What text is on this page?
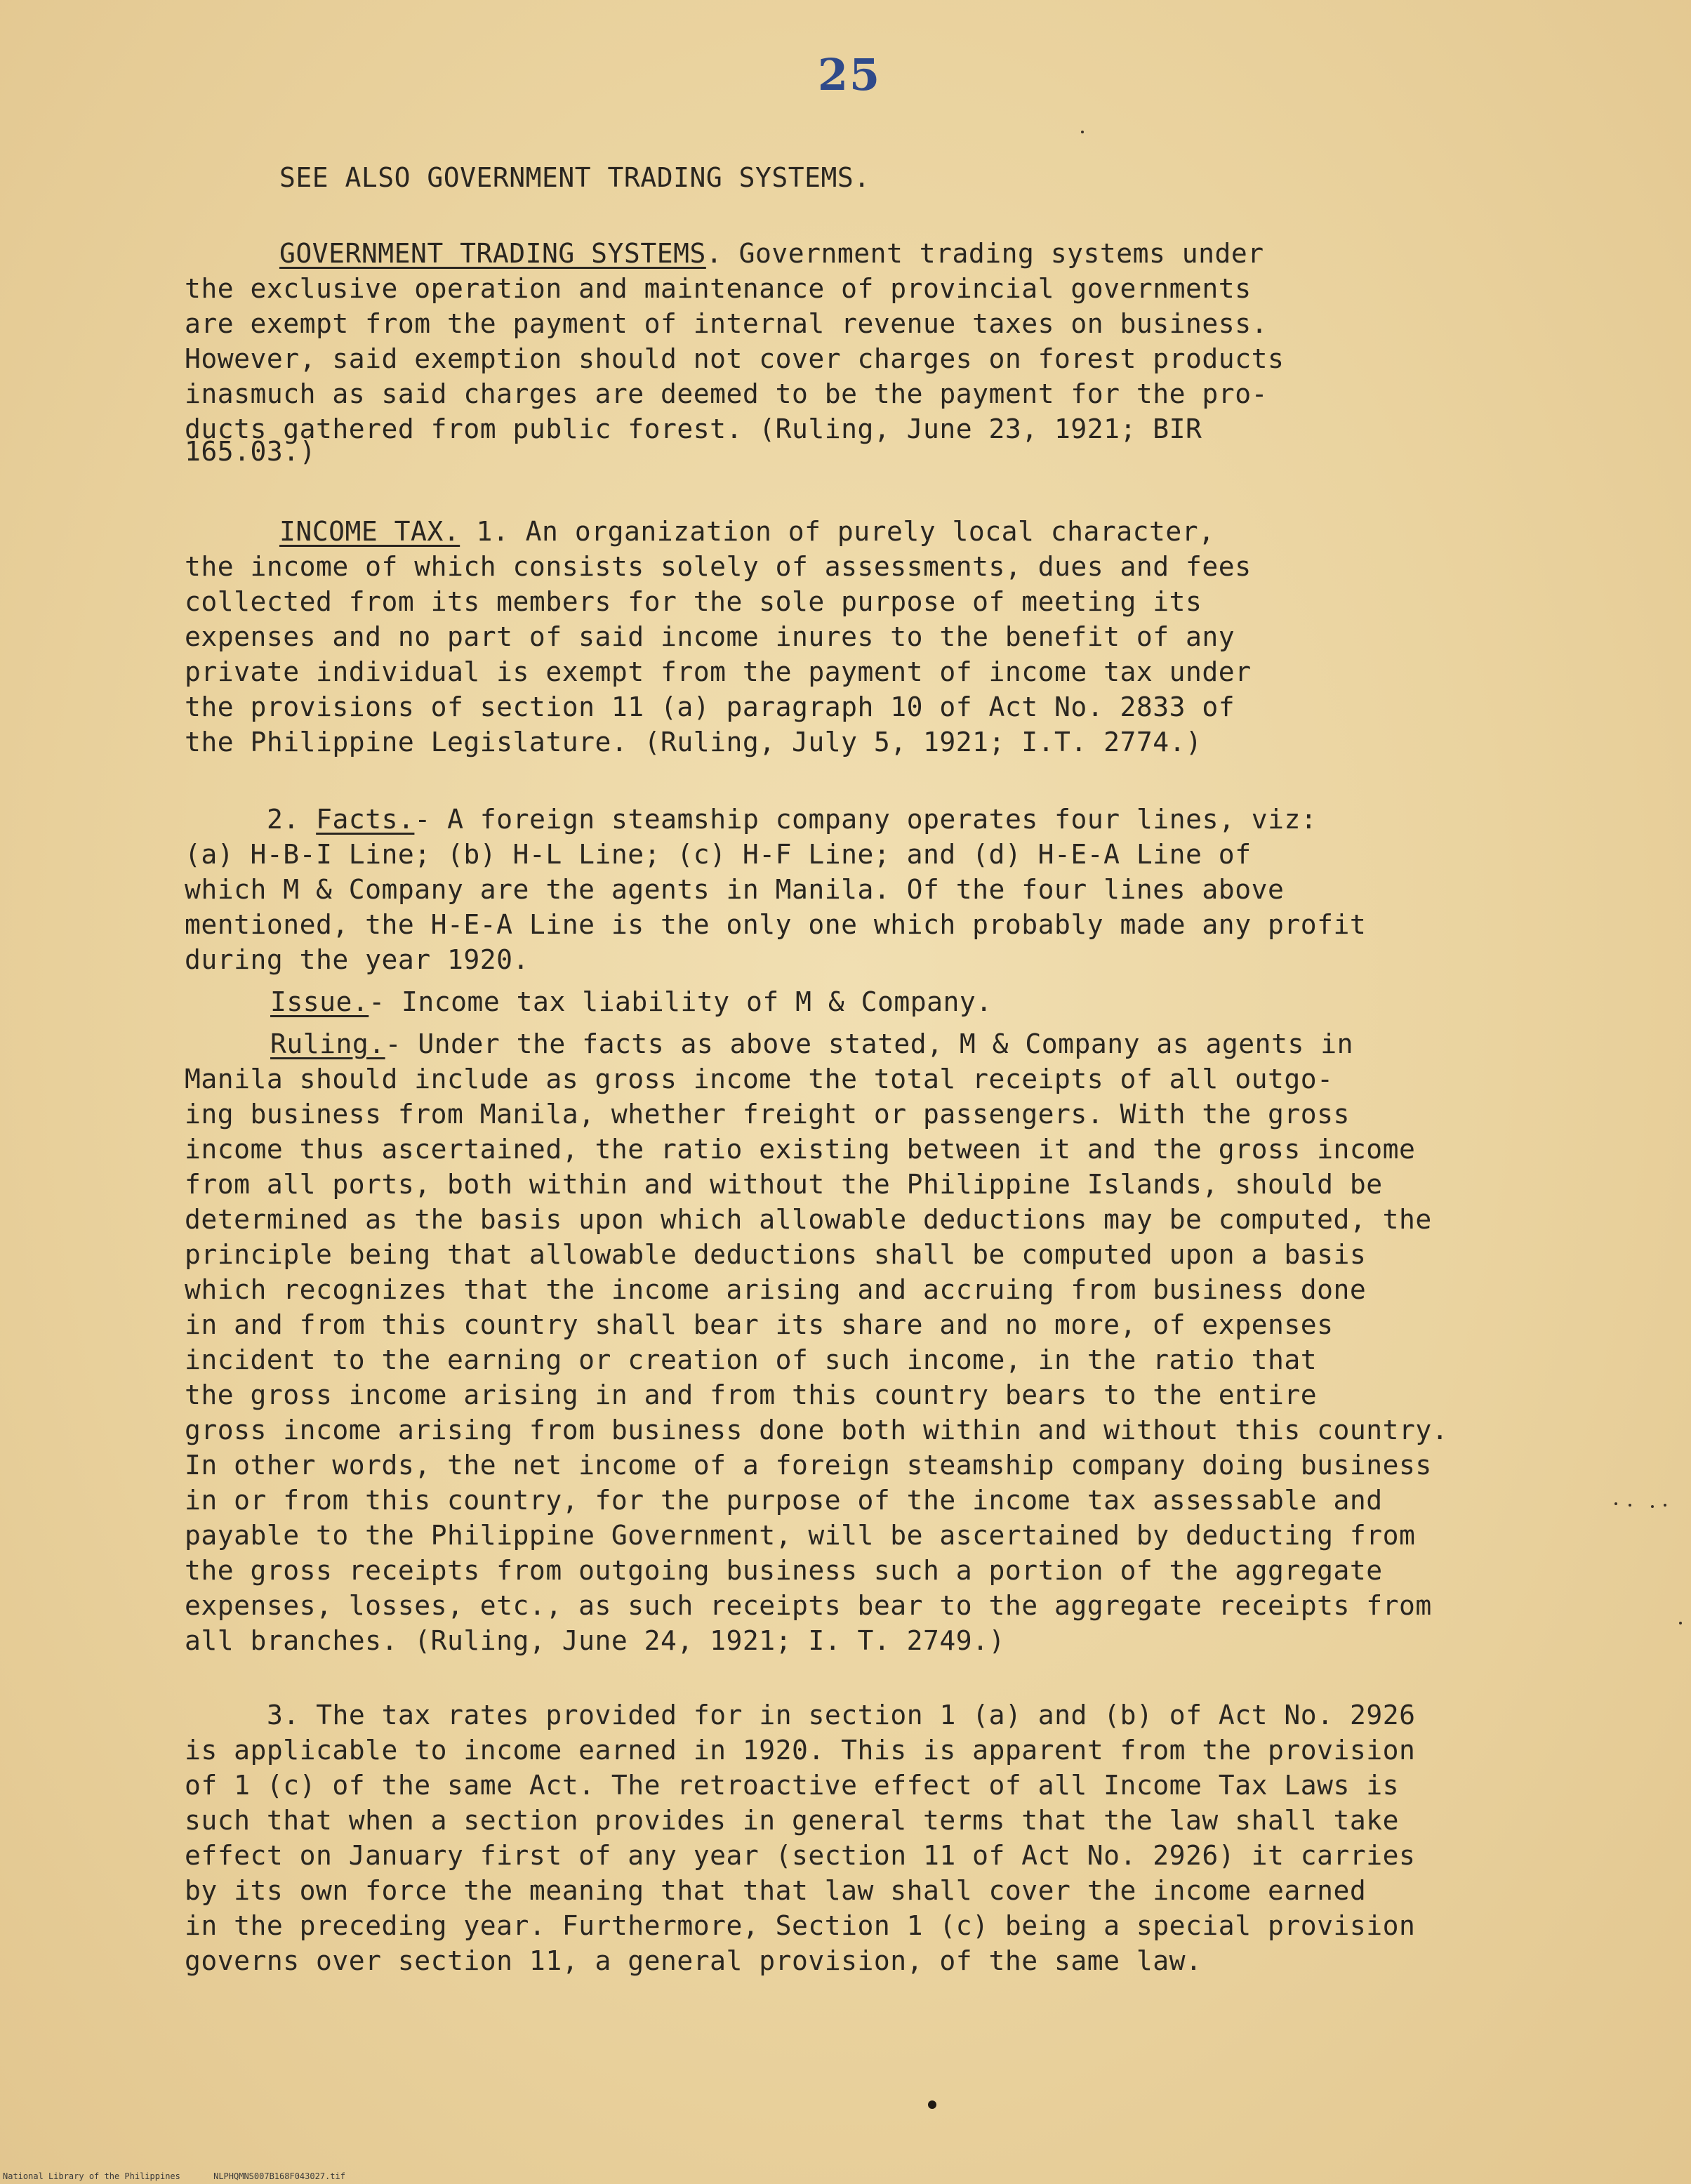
25
SEE ALSO GOVERNMENT TRADING SYSTEMS.
GOVERNMENT TRADING SYSTEMS. Government trading systems under
the exclusive operation and maintenance of provincial governments
are exempt from the payment of internal revenue taxes on business.
However, said exemption should not cover charges on forest products
inasmuch as said charges are deemed to be the payment for the pro-
ducts gathered from public forest. (Ruling, June 23, 1921; BIR
165.03.)
INCOME TAX. 1. An organization of purely local character,
the income of which consists solely of assessments, dues and fees
collected from its members for the sole purpose of meeting its
expenses and no part of said income inures to the benefit of any
private individual is exempt from the payment of income tax under
the provisions of section 11 (a) paragraph 10 of Act No. 2833 of
the Philippine Legislature. (Ruling, July 5, 1921; I.T. 2774.)
2. Facts.- A foreign steamship company operates four lines, viz:
(a) H-B-I Line; (b) H-L Line; (c) H-F Line; and (d) H-E-A Line of
which M & Company are the agents in Manila. Of the four lines above
mentioned, the H-E-A Line is the only one which probably made any profit
during the year 1920.
Issue.- Income tax liability of M & Company.
Ruling.- Under the facts as above stated, M & Company as agents in
Manila should include as gross income the total receipts of all outgo-
ing business from Manila, whether freight or passengers. With the gross
income thus ascertained, the ratio existing between it and the gross income
from all ports, both within and without the Philippine Islands, should be
determined as the basis upon which allowable deductions may be computed, the
principle being that allowable deductions shall be computed upon a basis
which recognizes that the income arising and accruing from business done
in and from this country shall bear its share and no more, of expenses
incident to the earning or creation of such income, in the ratio that
the gross income arising in and from this country bears to the entire
gross income arising from business done both within and without this country.
In other words, the net income of a foreign steamship company doing business
in or from this country, for the purpose of the income tax assessable and
payable to the Philippine Government, will be ascertained by deducting from
the gross receipts from outgoing business such a portion of the aggregate
expenses, losses, etc., as such receipts bear to the aggregate receipts from
all branches. (Ruling, June 24, 1921; I. T. 2749.)
3. The tax rates provided for in section 1 (a) and (b) of Act No. 2926
is applicable to income earned in 1920. This is apparent from the provision
of 1 (c) of the same Act. The retroactive effect of all Income Tax Laws is
such that when a section provides in general terms that the law shall take
effect on January first of any year (section 11 of Act No. 2926) it carries
by its own force the meaning that that law shall cover the income earned
in the preceding year. Furthermore, Section 1 (c) being a special provision
governs over section 11, a general provision, of the same law.
National Library of the Philippines	NLPHQMNS007B168F043027.tif
